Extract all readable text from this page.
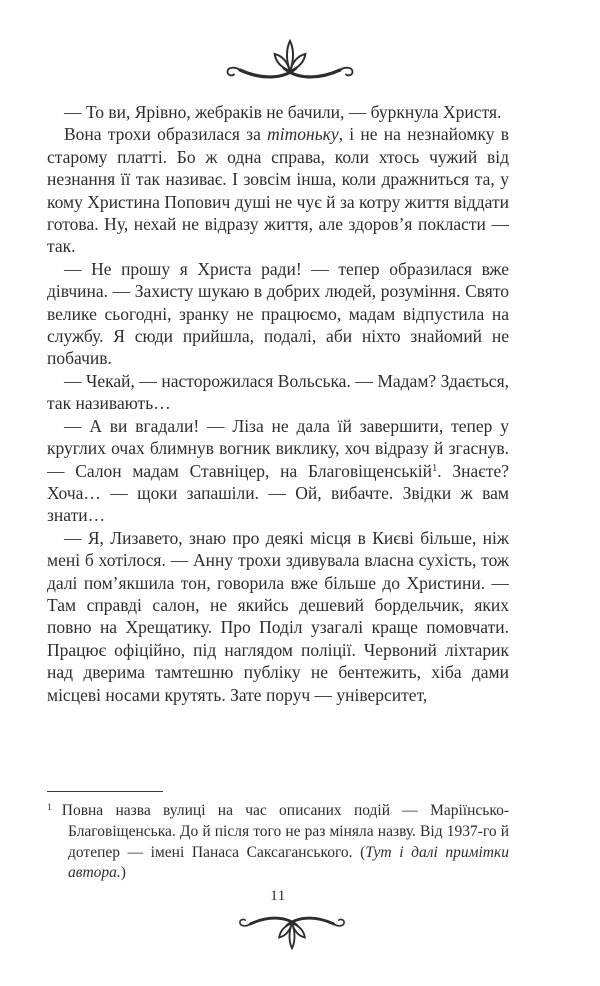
— То ви, Ярівно, жебраків не бачили, — буркнула Христя.

Вона трохи образилася за тітоньку, і не на незнайомку в старому платті. Бо ж одна справа, коли хтось чужий від незнання її так називає. І зовсім інша, коли дражниться та, у кому Христина Попович душі не чує й за котру життя віддати готова. Ну, нехай не відразу життя, але здоров’я покласти — так.

— Не прошу я Христа ради! — тепер образилася вже дівчина. — Захисту шукаю в добрих людей, розуміння. Свято велике сьогодні, зранку не працюємо, мадам відпустила на службу. Я сюди прийшла, подалі, аби ніхто знайомий не побачив.

— Чекай, — насторожилася Вольська. — Мадам? Здається, так називають…

— А ви вгадали! — Ліза не дала їй завершити, тепер у круглих очах блимнув вогник виклику, хоч відразу й згаснув. — Салон мадам Ставніцер, на Благовіщенській$^1$. Знаєте? Хоча… — щоки запашіли. — Ой, вибачте. Звідки ж вам знати…

— Я, Лизавето, знаю про деякі місця в Києві більше, ніж мені б хотілося. — Анну трохи здивувала власна сухість, тож далі пом’якшила тон, говорила вже більше до Христини. — Там справді салон, не якийсь дешевий бордельчик, яких повно на Хрещатику. Про Поділ узагалі краще помовчати. Працює офіційно, під наглядом поліції. Червоний ліхтарик над дверима тамтешню публіку не бентежить, хіба дами місцеві носами крутять. Зате поруч — університет,

$^1$ Повна назва вулиці на час описаних подій — Маріїнсько-Благовіщенська. До й після того не раз міняла назву. Від 1937-го й дотепер — імені Панаса Саксаганського. (Тут і далі примітки автора.)

11
